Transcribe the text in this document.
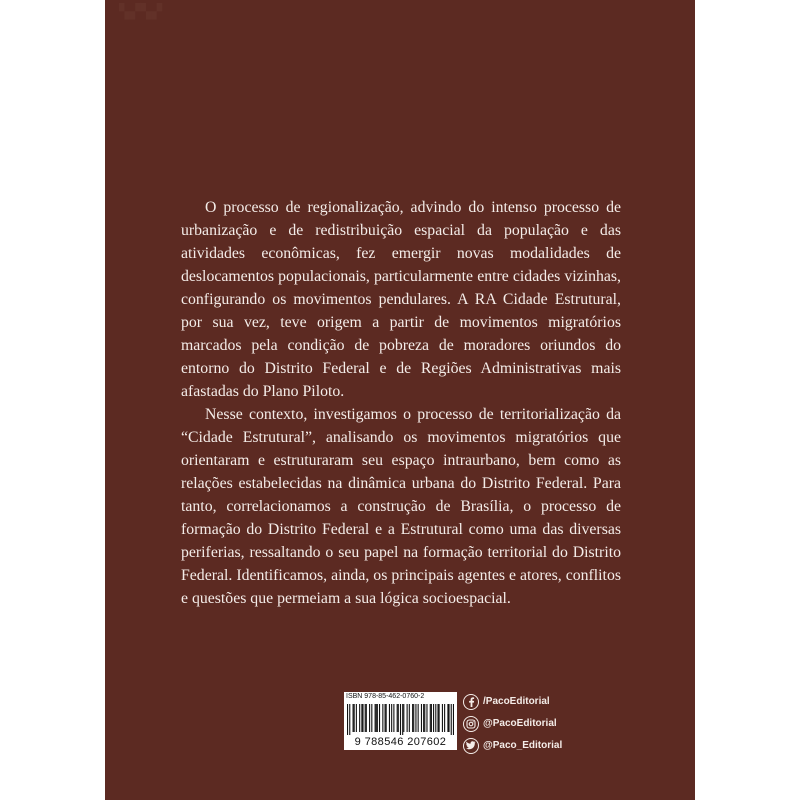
▚▞▚▞

O processo de regionalização, advindo do intenso processo de urbanização e de redistribuição espacial da população e das atividades econômicas, fez emergir novas modalidades de deslocamentos populacionais, particularmente entre cidades vizinhas, configurando os movimentos pendulares. A RA Cidade Estrutural, por sua vez, teve origem a partir de movimentos migratórios marcados pela condição de pobreza de moradores oriundos do entorno do Distrito Federal e de Regiões Administrativas mais afastadas do Plano Piloto.

Nesse contexto, investigamos o processo de territorialização da “Cidade Estrutural”, analisando os movimentos migratórios que orientaram e estruturaram seu espaço intraurbano, bem como as relações estabelecidas na dinâmica urbana do Distrito Federal. Para tanto, correlacionamos a construção de Brasília, o processo de formação do Distrito Federal e a Estrutural como uma das diversas periferias, ressaltando o seu papel na formação territorial do Distrito Federal. Identificamos, ainda, os principais agentes e atores, conflitos e questões que permeiam a sua lógica socioespacial.

ISBN 978-85-462-0760-2
9 788546 207602
/PacoEditorial
@PacoEditorial
@Paco_Editorial
